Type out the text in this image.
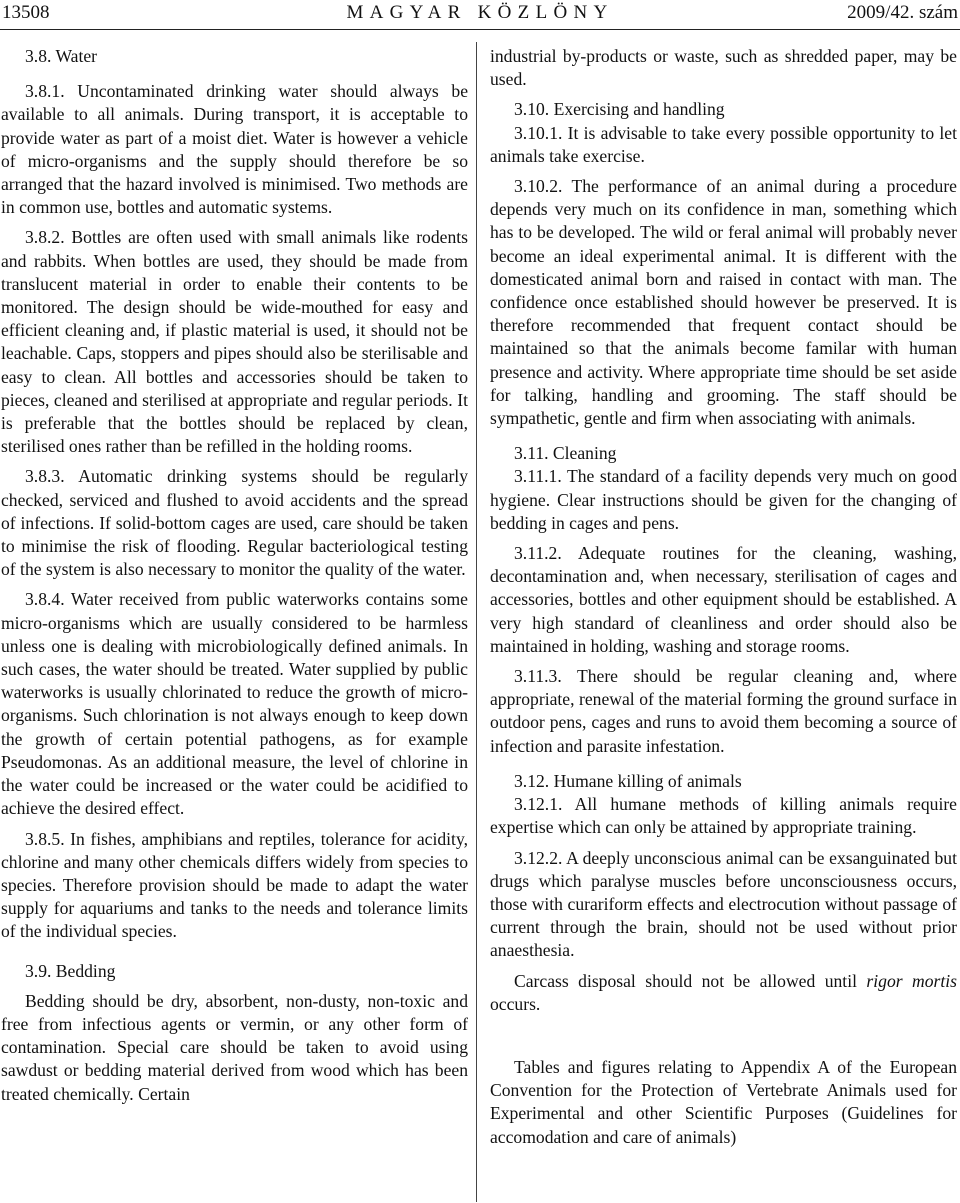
13508	MAGYAR KÖZLÖNY	2009/42. szám
3.8. Water

3.8.1. Uncontaminated drinking water should always be available to all animals. During transport, it is acceptable to provide water as part of a moist diet. Water is however a vehicle of micro-organisms and the supply should therefore be so arranged that the hazard involved is minimised. Two methods are in common use, bottles and automatic systems.

3.8.2. Bottles are often used with small animals like rodents and rabbits. When bottles are used, they should be made from translucent material in order to enable their contents to be monitored. The design should be wide-mouthed for easy and efficient cleaning and, if plastic material is used, it should not be leachable. Caps, stoppers and pipes should also be sterilisable and easy to clean. All bottles and accessories should be taken to pieces, cleaned and sterilised at appropriate and regular periods. It is preferable that the bottles should be replaced by clean, sterilised ones rather than be refilled in the holding rooms.

3.8.3. Automatic drinking systems should be regularly checked, serviced and flushed to avoid accidents and the spread of infections. If solid-bottom cages are used, care should be taken to minimise the risk of flooding. Regular bacteriological testing of the system is also necessary to monitor the quality of the water.

3.8.4. Water received from public waterworks contains some micro-organisms which are usually considered to be harmless unless one is dealing with microbiologically defined animals. In such cases, the water should be treated. Water supplied by public waterworks is usually chlorinated to reduce the growth of micro-organisms. Such chlorination is not always enough to keep down the growth of certain potential pathogens, as for example Pseudomonas. As an additional measure, the level of chlorine in the water could be increased or the water could be acidified to achieve the desired effect.

3.8.5. In fishes, amphibians and reptiles, tolerance for acidity, chlorine and many other chemicals differs widely from species to species. Therefore provision should be made to adapt the water supply for aquariums and tanks to the needs and tolerance limits of the individual species.

3.9. Bedding

Bedding should be dry, absorbent, non-dusty, non-toxic and free from infectious agents or vermin, or any other form of contamination. Special care should be taken to avoid using sawdust or bedding material derived from wood which has been treated chemically. Certain

industrial by-products or waste, such as shredded paper, may be used.

3.10. Exercising and handling

3.10.1. It is advisable to take every possible opportunity to let animals take exercise.

3.10.2. The performance of an animal during a procedure depends very much on its confidence in man, something which has to be developed. The wild or feral animal will probably never become an ideal experimental animal. It is different with the domesticated animal born and raised in contact with man. The confidence once established should however be preserved. It is therefore recommended that frequent contact should be maintained so that the animals become familar with human presence and activity. Where appropriate time should be set aside for talking, handling and grooming. The staff should be sympathetic, gentle and firm when associating with animals.

3.11. Cleaning

3.11.1. The standard of a facility depends very much on good hygiene. Clear instructions should be given for the changing of bedding in cages and pens.

3.11.2. Adequate routines for the cleaning, washing, decontamination and, when necessary, sterilisation of cages and accessories, bottles and other equipment should be established. A very high standard of cleanliness and order should also be maintained in holding, washing and storage rooms.

3.11.3. There should be regular cleaning and, where appropriate, renewal of the material forming the ground surface in outdoor pens, cages and runs to avoid them becoming a source of infection and parasite infestation.

3.12. Humane killing of animals

3.12.1. All humane methods of killing animals require expertise which can only be attained by appropriate training.

3.12.2. A deeply unconscious animal can be exsanguinated but drugs which paralyse muscles before unconsciousness occurs, those with curariform effects and electrocution without passage of current through the brain, should not be used without prior anaesthesia.

Carcass disposal should not be allowed until rigor mortis occurs.

Tables and figures relating to Appendix A of the European Convention for the Protection of Vertebrate Animals used for Experimental and other Scientific Purposes (Guidelines for accomodation and care of animals)
